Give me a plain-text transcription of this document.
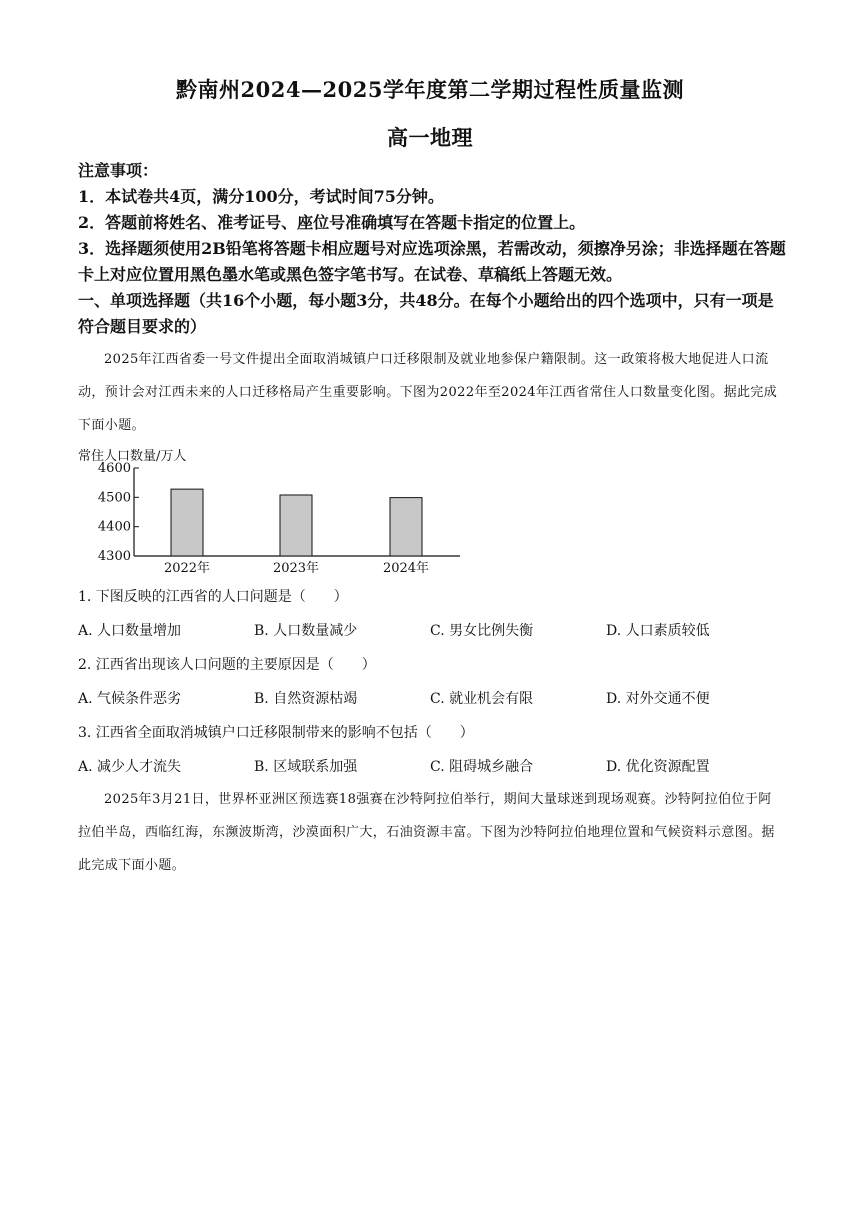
黔南州2024—2025学年度第二学期过程性质量监测
高一地理
注意事项：
1．本试卷共4页，满分100分，考试时间75分钟。
2．答题前将姓名、准考证号、座位号准确填写在答题卡指定的位置上。
3．选择题须使用2B铅笔将答题卡相应题号对应选项涂黑，若需改动，须擦净另涂；非选择题在答题卡上对应位置用黑色墨水笔或黑色签字笔书写。在试卷、草稿纸上答题无效。
一、单项选择题（共16个小题，每小题3分，共48分。在每个小题给出的四个选项中，只有一项是符合题目要求的）
2025年江西省委一号文件提出全面取消城镇户口迁移限制及就业地参保户籍限制。这一政策将极大地促进人口流动，预计会对江西未来的人口迁移格局产生重要影响。下图为2022年至2024年江西省常住人口数量变化图。据此完成下面小题。
常住人口数量/万人
4300
4400
4500
4600
2022年	2023年	2024年
1. 下图反映的江西省的人口问题是（　　）
A. 人口数量增加	B. 人口数量减少	C. 男女比例失衡	D. 人口素质较低
2. 江西省出现该人口问题的主要原因是（　　）
A. 气候条件恶劣	B. 自然资源枯竭	C. 就业机会有限	D. 对外交通不便
3. 江西省全面取消城镇户口迁移限制带来的影响不包括（　　）
A. 减少人才流失	B. 区域联系加强	C. 阻碍城乡融合	D. 优化资源配置
2025年3月21日，世界杯亚洲区预选赛18强赛在沙特阿拉伯举行，期间大量球迷到现场观赛。沙特阿拉伯位于阿拉伯半岛，西临红海，东濒波斯湾，沙漠面积广大，石油资源丰富。下图为沙特阿拉伯地理位置和气候资料示意图。据此完成下面小题。
